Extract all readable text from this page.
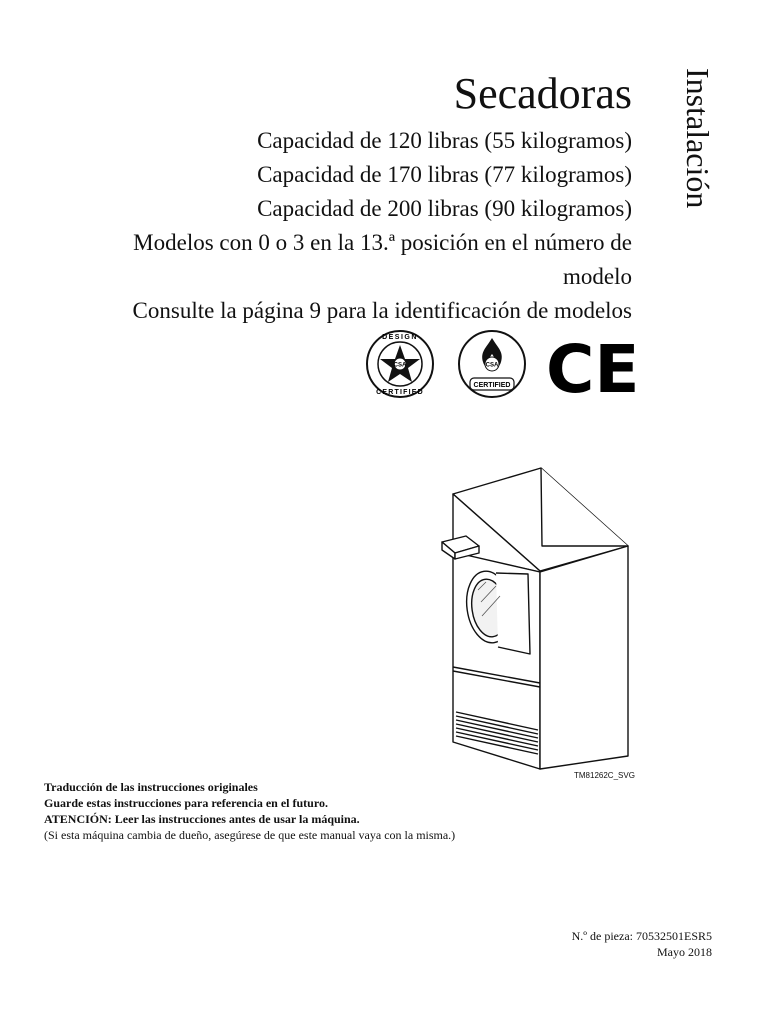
Secadoras
Capacidad de 120 libras (55 kilogramos)
Capacidad de 170 libras (77 kilogramos)
Capacidad de 200 libras (90 kilogramos)
Modelos con 0 o 3 en la 13.ª posición en el número de
modelo
Consulte la página 9 para la identificación de modelos
Instalación
CSA
DESIGN
CERTIFIED
CSA
CERTIFIED CE
TM81262C_SVG
Traducción de las instrucciones originales
Guarde estas instrucciones para referencia en el futuro.
ATENCIÓN: Leer las instrucciones antes de usar la máquina.
(Si esta máquina cambia de dueño, asegúrese de que este manual vaya con la misma.)
N.º de pieza: 70532501ESR5
Mayo 2018
